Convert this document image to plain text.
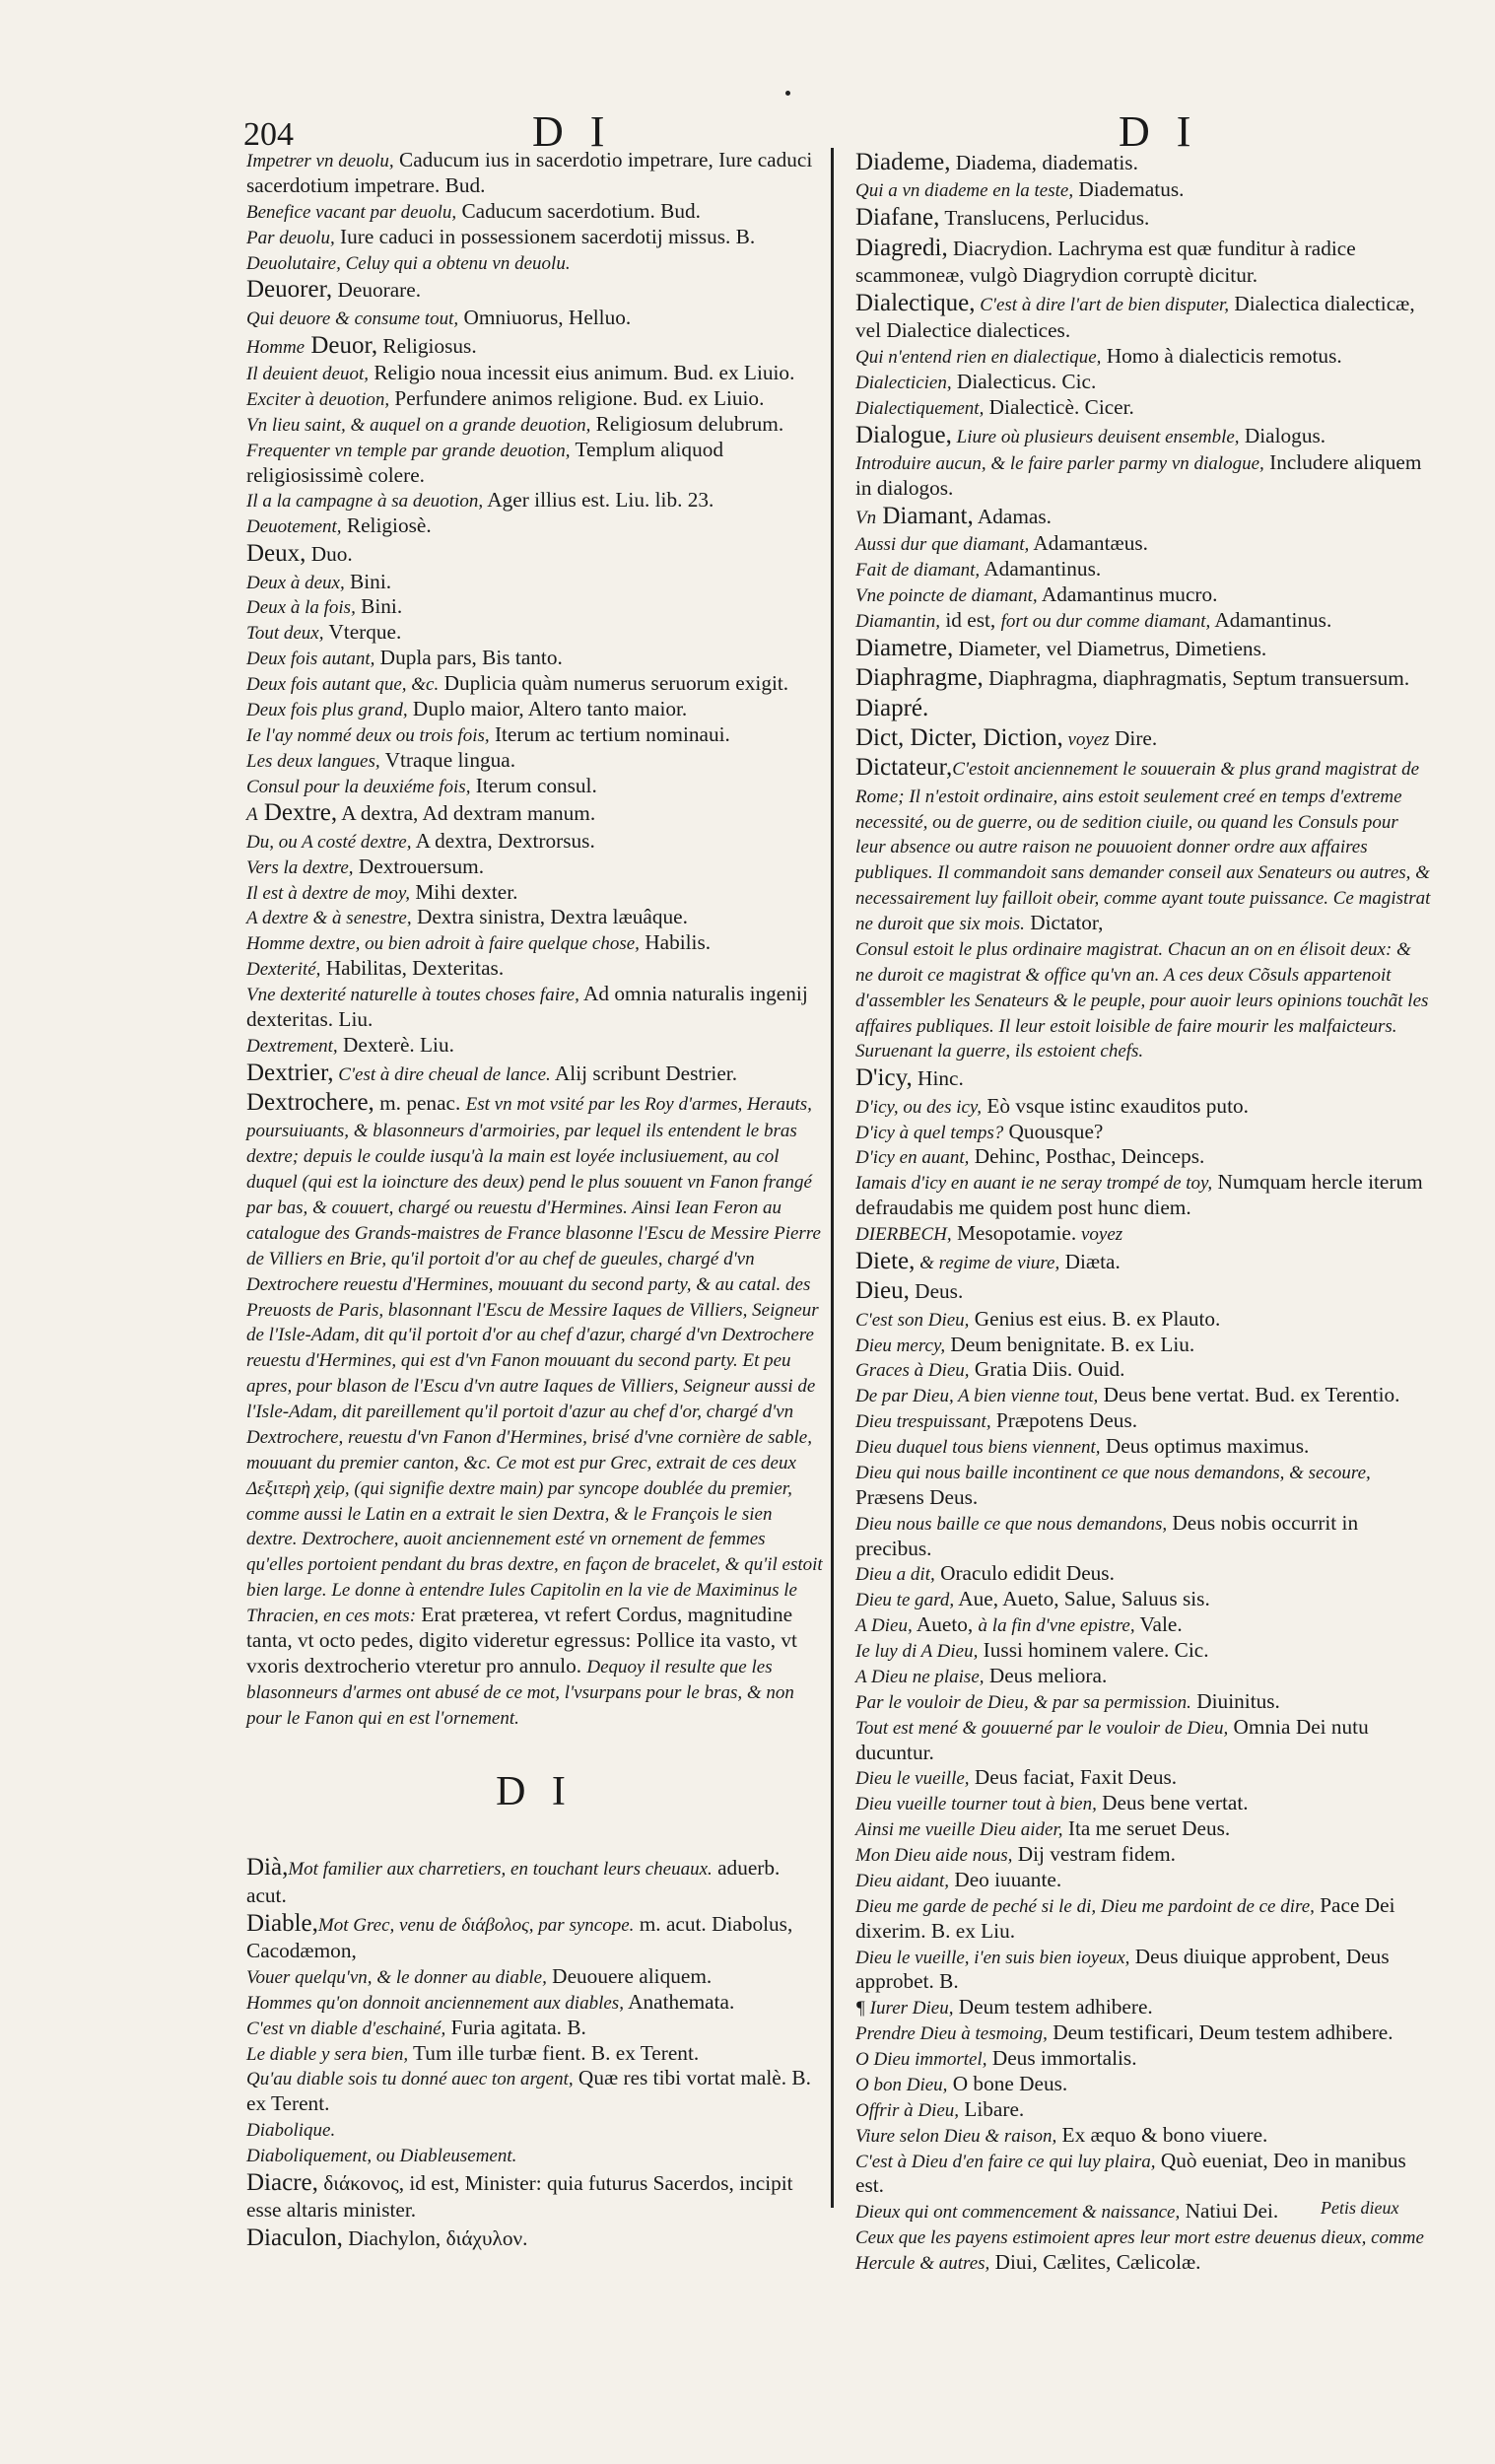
204	D I	D I
Impetrer vn deuolu, Caducum ius in sacerdotio impetrare, Iure caduci sacerdotium impetrare. Bud.
Benefice vacant par deuolu, Caducum sacerdotium. Bud.
Par deuolu, Iure caduci in possessionem sacerdotij missus. B.
Deuolutaire, Celuy qui a obtenu vn deuolu.
Deuorer, Deuorare.
Qui deuore & consume tout, Omniuorus, Helluo.
Homme Deuor, Religiosus.
Il deuient deuot, Religio noua incessit eius animum. Bud. ex Liuio.
Exciter à deuotion, Perfundere animos religione. Bud. ex Liuio.
Vn lieu saint, & auquel on a grande deuotion, Religiosum delubrum.
Frequenter vn temple par grande deuotion, Templum aliquod religiosissimè colere.
Il a la campagne à sa deuotion, Ager illius est. Liu. lib. 23.
Deuotement, Religiosè.
Deux, Duo.
Deux à deux, Bini.
Deux à la fois, Bini.
Tout deux, Vterque.
Deux fois autant, Dupla pars, Bis tanto.
Deux fois autant que, &c. Duplicia quàm numerus seruorum exigit.
Deux fois plus grand, Duplo maior, Altero tanto maior.
Ie l'ay nommé deux ou trois fois, Iterum ac tertium nominaui.
Les deux langues, Vtraque lingua.
Consul pour la deuxiéme fois, Iterum consul.
A Dextre, A dextra, Ad dextram manum.
Du, ou A costé dextre, A dextra, Dextrorsus.
Vers la dextre, Dextrouersum.
Il est à dextre de moy, Mihi dexter.
A dextre & à senestre, Dextra sinistra, Dextra læuâque.
Homme dextre, ou bien adroit à faire quelque chose, Habilis.
Dexterité, Habilitas, Dexteritas.
Vne dexterité naturelle à toutes choses faire, Ad omnia naturalis ingenij dexteritas. Liu.
Dextrement, Dexterè. Liu.
Dextrier, C'est à dire cheual de lance. Alij scribunt Destrier.
Dextrochere, m. penac. Est vn mot vsité par les Roy d'armes, Herauts, poursuiuants, & blasonneurs d'armoiries, par lequel ils entendent le bras dextre; depuis le coulde iusqu'à la main est loyée inclusiuement, au col duquel (qui est la ioincture des deux) pend le plus souuent vn Fanon frangé par bas, & couuert, chargé ou reuestu d'Hermines. Ainsi Iean Feron au catalogue des Grands-maistres de France blasonne l'Escu de Messire Pierre de Villiers en Brie, qu'il portoit d'or au chef de gueules, chargé d'vn Dextrochere reuestu d'Hermines, mouuant du second party, & au catal. des Preuosts de Paris, blasonnant l'Escu de Messire Iaques de Villiers, Seigneur de l'Isle-Adam, dit qu'il portoit d'or au chef d'azur, chargé d'vn Dextrochere reuestu d'Hermines, qui est d'vn Fanon mouuant du second party. Et peu apres, pour blason de l'Escu d'vn autre Iaques de Villiers, Seigneur aussi de l'Isle-Adam, dit pareillement qu'il portoit d'azur au chef d'or, chargé d'vn Dextrochere, reuestu d'vn Fanon d'Hermines, brisé d'vne cornière de sable, mouuant du premier canton, &c. Ce mot est pur Grec, extrait de ces deux Δεξιτερὴ χεὶρ, (qui signifie dextre main) par syncope doublée du premier, comme aussi le Latin en a extrait le sien Dextra, & le François le sien dextre. Dextrochere, auoit anciennement esté vn ornement de femmes qu'elles portoient pendant du bras dextre, en façon de bracelet, & qu'il estoit bien large. Le donne à entendre Iules Capitolin en la vie de Maximinus le Thracien, en ces mots: Erat præterea, vt refert Cordus, magnitudine tanta, vt octo pedes, digito videretur egressus: Pollice ita vasto, vt vxoris dextrocherio vteretur pro annulo. Dequoy il resulte que les blasonneurs d'armes ont abusé de ce mot, l'vsurpans pour le bras, & non pour le Fanon qui en est l'ornement.
D I
Dià,Mot familier aux charretiers, en touchant leurs cheuaux. aduerb. acut.
Diable,Mot Grec, venu de διάβολος, par syncope. m. acut. Diabolus, Cacodæmon,
Vouer quelqu'vn, & le donner au diable, Deuouere aliquem.
Hommes qu'on donnoit anciennement aux diables, Anathemata.
C'est vn diable d'eschainé, Furia agitata. B.
Le diable y sera bien, Tum ille turbæ fient. B. ex Terent.
Qu'au diable sois tu donné auec ton argent, Quæ res tibi vortat malè. B. ex Terent.
Diabolique.
Diaboliquement, ou Diableusement.
Diacre, διάκονος, id est, Minister: quia futurus Sacerdos, incipit esse altaris minister.
Diaculon, Diachylon, διάχυλον.
Diademe, Diadema, diadematis.
Qui a vn diademe en la teste, Diadematus.
Diafane, Translucens, Perlucidus.
Diagredi, Diacrydion. Lachryma est quæ funditur à radice scammoneæ, vulgò Diagrydion corruptè dicitur.
Dialectique, C'est à dire l'art de bien disputer, Dialectica dialecticæ, vel Dialectice dialectices.
Qui n'entend rien en dialectique, Homo à dialecticis remotus.
Dialecticien, Dialecticus. Cic.
Dialectiquement, Dialecticè. Cicer.
Dialogue, Liure où plusieurs deuisent ensemble, Dialogus.
Introduire aucun, & le faire parler parmy vn dialogue, Includere aliquem in dialogos.
Vn Diamant, Adamas.
Aussi dur que diamant, Adamantæus.
Fait de diamant, Adamantinus.
Vne poincte de diamant, Adamantinus mucro.
Diamantin, id est, fort ou dur comme diamant, Adamantinus.
Diametre, Diameter, vel Diametrus, Dimetiens.
Diaphragme, Diaphragma, diaphragmatis, Septum transuersum.
Diapré.
Dict, Dicter, Diction, voyez Dire.
Dictateur,C'estoit anciennement le souuerain & plus grand magistrat de Rome; Il n'estoit ordinaire, ains estoit seulement creé en temps d'extreme necessité, ou de guerre, ou de sedition ciuile, ou quand les Consuls pour leur absence ou autre raison ne pouuoient donner ordre aux affaires publiques. Il commandoit sans demander conseil aux Senateurs ou autres, & necessairement luy failloit obeir, comme ayant toute puissance. Ce magistrat ne duroit que six mois. Dictator,
Consul estoit le plus ordinaire magistrat. Chacun an on en élisoit deux: & ne duroit ce magistrat & office qu'vn an. A ces deux Cõsuls appartenoit d'assembler les Senateurs & le peuple, pour auoir leurs opinions touchãt les affaires publiques. Il leur estoit loisible de faire mourir les malfaicteurs. Suruenant la guerre, ils estoient chefs.
D'icy, Hinc.
D'icy, ou des icy, Eò vsque istinc exauditos puto.
D'icy à quel temps? Quousque?
D'icy en auant, Dehinc, Posthac, Deinceps.
Iamais d'icy en auant ie ne seray trompé de toy, Numquam hercle iterum defraudabis me quidem post hunc diem.
DIERBECH, Mesopotamie. voyez
Diete, & regime de viure, Diæta.
Dieu, Deus.
C'est son Dieu, Genius est eius. B. ex Plauto.
Dieu mercy, Deum benignitate. B. ex Liu.
Graces à Dieu, Gratia Diis. Ouid.
De par Dieu, A bien vienne tout, Deus bene vertat. Bud. ex Terentio.
Dieu trespuissant, Præpotens Deus.
Dieu duquel tous biens viennent, Deus optimus maximus.
Dieu qui nous baille incontinent ce que nous demandons, & secoure, Præsens Deus.
Dieu nous baille ce que nous demandons, Deus nobis occurrit in precibus.
Dieu a dit, Oraculo edidit Deus.
Dieu te gard, Aue, Aueto, Salue, Saluus sis.
A Dieu, Aueto, à la fin d'vne epistre, Vale.
Ie luy di A Dieu, Iussi hominem valere. Cic.
A Dieu ne plaise, Deus meliora.
Par le vouloir de Dieu, & par sa permission. Diuinitus.
Tout est mené & gouuerné par le vouloir de Dieu, Omnia Dei nutu ducuntur.
Dieu le vueille, Deus faciat, Faxit Deus.
Dieu vueille tourner tout à bien, Deus bene vertat.
Ainsi me vueille Dieu aider, Ita me seruet Deus.
Mon Dieu aide nous, Dij vestram fidem.
Dieu aidant, Deo iuuante.
Dieu me garde de peché si le di, Dieu me pardoint de ce dire, Pace Dei dixerim. B. ex Liu.
Dieu le vueille, i'en suis bien ioyeux, Deus diuique approbent, Deus approbet. B.
¶ Iurer Dieu, Deum testem adhibere.
Prendre Dieu à tesmoing, Deum testificari, Deum testem adhibere.
O Dieu immortel, Deus immortalis.
O bon Dieu, O bone Deus.
Offrir à Dieu, Libare.
Viure selon Dieu & raison, Ex æquo & bono viuere.
C'est à Dieu d'en faire ce qui luy plaira, Quò eueniat, Deo in manibus est.
Dieux qui ont commencement & naissance, Natiui Dei.
Ceux que les payens estimoient apres leur mort estre deuenus dieux, comme Hercule & autres, Diui, Cælites, Cælicolæ.
Petis dieux
